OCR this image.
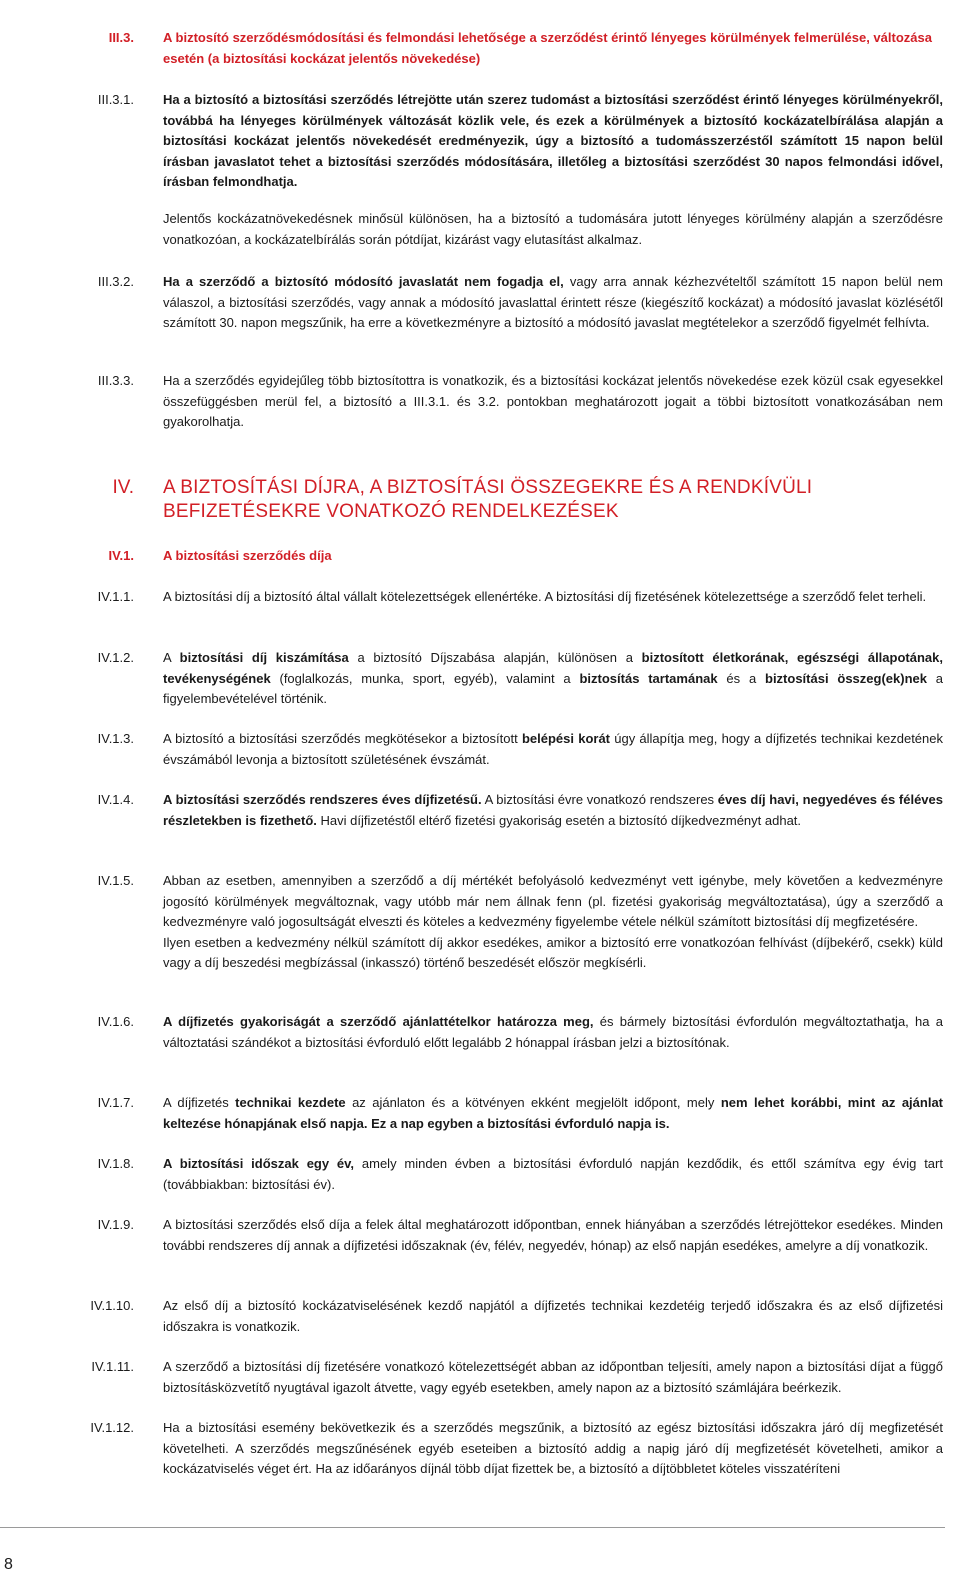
III.3. A biztosító szerződésmódosítási és felmondási lehetősége a szerződést érintő lényeges körülmények felmerülése, változása esetén (a biztosítási kockázat jelentős növekedése)
III.3.1. Ha a biztosító a biztosítási szerződés létrejötte után szerez tudomást a biztosítási szerződést érintő lényeges körülményekről, továbbá ha lényeges körülmények változását közlik vele, és ezek a körülmények a biztosító kockázatelbírálása alapján a biztosítási kockázat jelentős növekedését eredményezik, úgy a biztosító a tudomásszerzéstől számított 15 napon belül írásban javaslatot tehet a biztosítási szerződés módosítására, illetőleg a biztosítási szerződést 30 napos felmondási idővel, írásban felmondhatja.
Jelentős kockázatnövekedésnek minősül különösen, ha a biztosító a tudomására jutott lényeges körülmény alapján a szerződésre vonatkozóan, a kockázatelbírálás során pótdíjat, kizárást vagy elutasítást alkalmaz.
III.3.2. Ha a szerződő a biztosító módosító javaslatát nem fogadja el, vagy arra annak kézhezvételtől számított 15 napon belül nem válaszol, a biztosítási szerződés, vagy annak a módosító javaslattal érintett része (kiegészítő kockázat) a módosító javaslat közlésétől számított 30. napon megszűnik, ha erre a következményre a biztosító a módosító javaslat megtételekor a szerződő figyelmét felhívta.
III.3.3. Ha a szerződés egyidejűleg több biztosítottra is vonatkozik, és a biztosítási kockázat jelentős növekedése ezek közül csak egyesekkel összefüggésben merül fel, a biztosító a III.3.1. és 3.2. pontokban meghatározott jogait a többi biztosított vonatkozásában nem gyakorolhatja.
IV. A BIZTOSÍTÁSI DÍJRA, A BIZTOSÍTÁSI ÖSSZEGEKRE ÉS A RENDKÍVÜLI BEFIZETÉSEKRE VONATKOZÓ RENDELKEZÉSEK
IV.1. A biztosítási szerződés díja
IV.1.1. A biztosítási díj a biztosító által vállalt kötelezettségek ellenértéke. A biztosítási díj fizetésének kötelezettsége a szerződő felet terheli.
IV.1.2. A biztosítási díj kiszámítása a biztosító Díjszabása alapján, különösen a biztosított életkorának, egészségi állapotának, tevékenységének (foglalkozás, munka, sport, egyéb), valamint a biztosítás tartamának és a biztosítási összeg(ek)nek a figyelembevételével történik.
IV.1.3. A biztosító a biztosítási szerződés megkötésekor a biztosított belépési korát úgy állapítja meg, hogy a díjfizetés technikai kezdetének évszámából levonja a biztosított születésének évszámát.
IV.1.4. A biztosítási szerződés rendszeres éves díjfizetésű. A biztosítási évre vonatkozó rendszeres éves díj havi, negyedéves és féléves részletekben is fizethető. Havi díjfizetéstől eltérő fizetési gyakoriság esetén a biztosító díjkedvezményt adhat.
IV.1.5. Abban az esetben, amennyiben a szerződő a díj mértékét befolyásoló kedvezményt vett igénybe, mely követően a kedvezményre jogosító körülmények megváltoznak, vagy utóbb már nem állnak fenn (pl. fizetési gyakoriság megváltoztatása), úgy a szerződő a kedvezményre való jogosultságát elveszti és köteles a kedvezmény figyelembe vétele nélkül számított biztosítási díj megfizetésére.
Ilyen esetben a kedvezmény nélkül számított díj akkor esedékes, amikor a biztosító erre vonatkozóan felhívást (díjbekérő, csekk) küld vagy a díj beszedési megbízással (inkasszó) történő beszedését először megkísérli.
IV.1.6. A díjfizetés gyakoriságát a szerződő ajánlattételkor határozza meg, és bármely biztosítási évfordulón megváltoztathatja, ha a változtatási szándékot a biztosítási évforduló előtt legalább 2 hónappal írásban jelzi a biztosítónak.
IV.1.7. A díjfizetés technikai kezdete az ajánlaton és a kötvényen ekként megjelölt időpont, mely nem lehet korábbi, mint az ajánlat keltezése hónapjának első napja. Ez a nap egyben a biztosítási évforduló napja is.
IV.1.8. A biztosítási időszak egy év, amely minden évben a biztosítási évforduló napján kezdődik, és ettől számítva egy évig tart (továbbiakban: biztosítási év).
IV.1.9. A biztosítási szerződés első díja a felek által meghatározott időpontban, ennek hiányában a szerződés létrejöttekor esedékes. Minden további rendszeres díj annak a díjfizetési időszaknak (év, félév, negyedév, hónap) az első napján esedékes, amelyre a díj vonatkozik.
IV.1.10. Az első díj a biztosító kockázatviselésének kezdő napjától a díjfizetés technikai kezdetéig terjedő időszakra és az első díjfizetési időszakra is vonatkozik.
IV.1.11. A szerződő a biztosítási díj fizetésére vonatkozó kötelezettségét abban az időpontban teljesíti, amely napon a biztosítási díjat a függő biztosításközvetítő nyugtával igazolt átvette, vagy egyéb esetekben, amely napon az a biztosító számlájára beérkezik.
IV.1.12. Ha a biztosítási esemény bekövetkezik és a szerződés megszűnik, a biztosító az egész biztosítási időszakra járó díj megfizetését követelheti. A szerződés megszűnésének egyéb eseteiben a biztosító addig a napig járó díj megfizetését követelheti, amikor a kockázatviselés véget ért. Ha az időarányos díjnál több díjat fizettek be, a biztosító a díjtöbbletet köteles visszatéríteni
8
